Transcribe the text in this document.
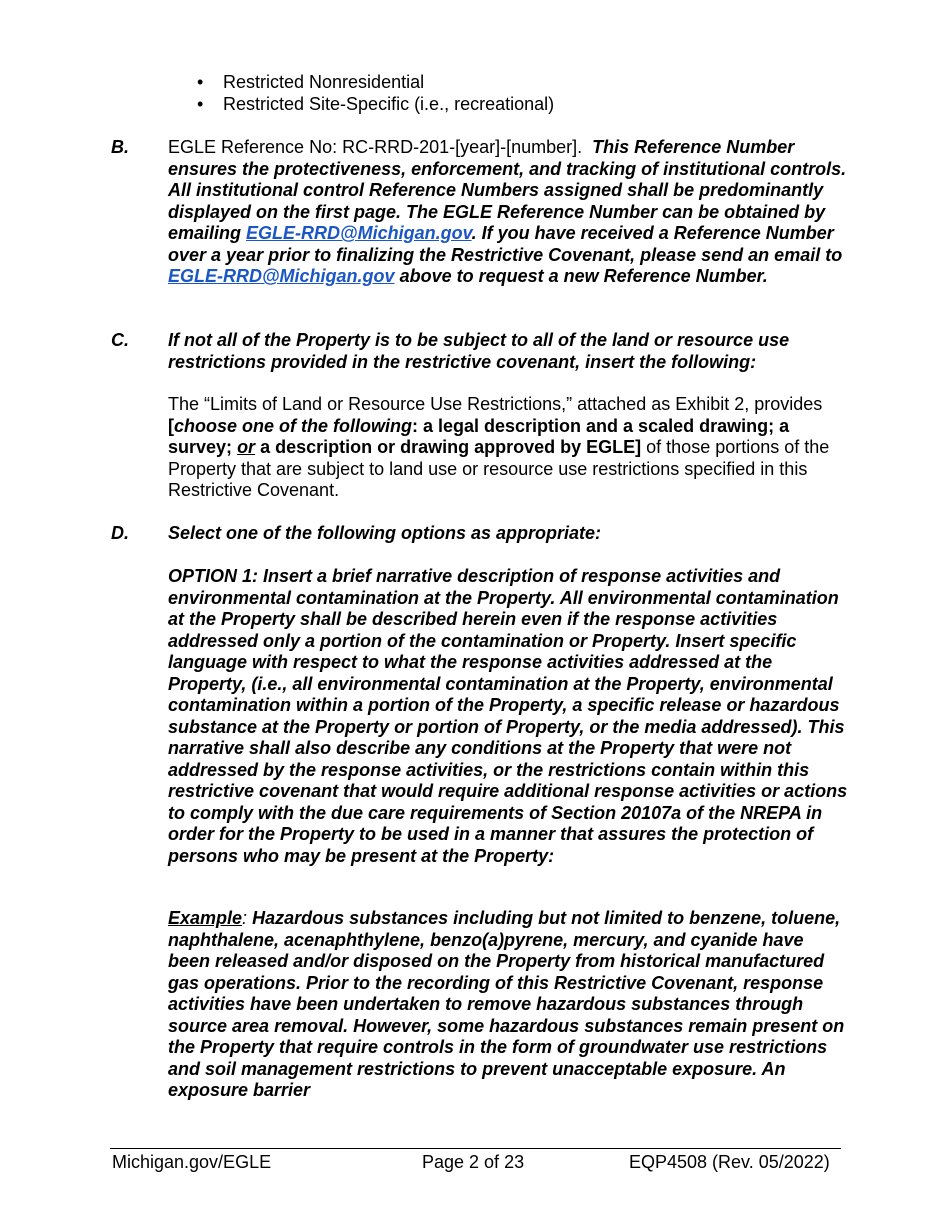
•	Restricted Nonresidential
•	Restricted Site-Specific (i.e., recreational)
B. EGLE Reference No: RC-RRD-201-[year]-[number]. This Reference Number ensures the protectiveness, enforcement, and tracking of institutional controls. All institutional control Reference Numbers assigned shall be predominantly displayed on the first page. The EGLE Reference Number can be obtained by emailing EGLE-RRD@Michigan.gov. If you have received a Reference Number over a year prior to finalizing the Restrictive Covenant, please send an email to EGLE-RRD@Michigan.gov above to request a new Reference Number.
C. If not all of the Property is to be subject to all of the land or resource use restrictions provided in the restrictive covenant, insert the following:
The “Limits of Land or Resource Use Restrictions,” attached as Exhibit 2, provides [choose one of the following: a legal description and a scaled drawing; a survey; or a description or drawing approved by EGLE] of those portions of the Property that are subject to land use or resource use restrictions specified in this Restrictive Covenant.
D. Select one of the following options as appropriate:
OPTION 1: Insert a brief narrative description of response activities and environmental contamination at the Property. All environmental contamination at the Property shall be described herein even if the response activities addressed only a portion of the contamination or Property. Insert specific language with respect to what the response activities addressed at the Property, (i.e., all environmental contamination at the Property, environmental contamination within a portion of the Property, a specific release or hazardous substance at the Property or portion of Property, or the media addressed). This narrative shall also describe any conditions at the Property that were not addressed by the response activities, or the restrictions contain within this restrictive covenant that would require additional response activities or actions to comply with the due care requirements of Section 20107a of the NREPA in order for the Property to be used in a manner that assures the protection of persons who may be present at the Property:
Example: Hazardous substances including but not limited to benzene, toluene, naphthalene, acenaphthylene, benzo(a)pyrene, mercury, and cyanide have been released and/or disposed on the Property from historical manufactured gas operations. Prior to the recording of this Restrictive Covenant, response activities have been undertaken to remove hazardous substances through source area removal. However, some hazardous substances remain present on the Property that require controls in the form of groundwater use restrictions and soil management restrictions to prevent unacceptable exposure. An exposure barrier
Michigan.gov/EGLE	Page 2 of 23	EQP4508 (Rev. 05/2022)
